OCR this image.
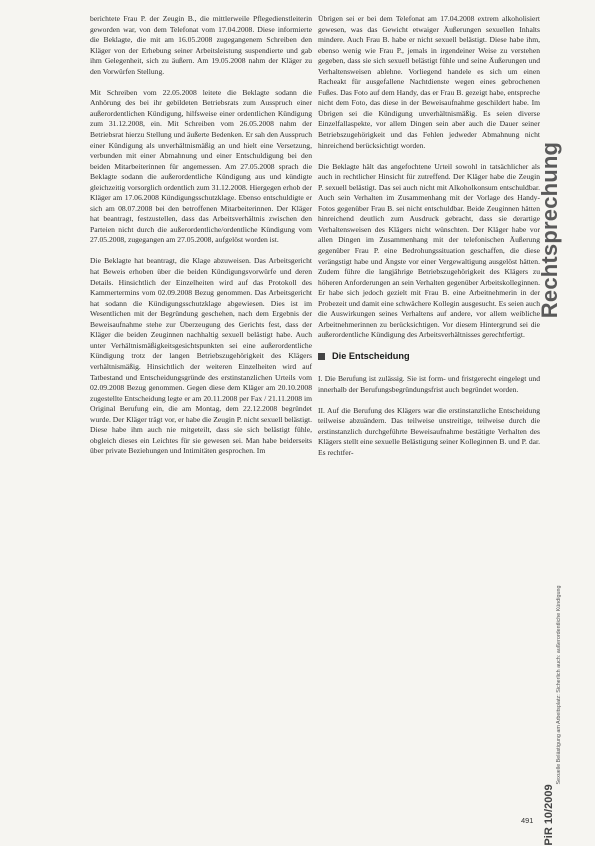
berichtete Frau P. der Zeugin B., die mittlerweile Pflegedienstleiterin geworden war, von dem Telefonat vom 17.04.2008. Diese informierte die Beklagte, die mit am 16.05.2008 zugegangenem Schreiben den Kläger von der Erhebung seiner Arbeitsleistung suspendierte und gab ihm Gelegenheit, sich zu äußern. Am 19.05.2008 nahm der Kläger zu den Vorwürfen Stellung.

Mit Schreiben vom 22.05.2008 leitete die Beklagte sodann die Anhörung des bei ihr gebildeten Betriebsrats zum Ausspruch einer außerordentlichen Kündigung, hilfsweise einer ordentlichen Kündigung zum 31.12.2008, ein. Mit Schreiben vom 26.05.2008 nahm der Betriebsrat hierzu Stellung und äußerte Bedenken. Er sah den Ausspruch einer Kündigung als unverhältnismäßig an und hielt eine Versetzung, verbunden mit einer Abmahnung und einer Entschuldigung bei den beiden Mitarbeiterinnen für angemessen. Am 27.05.2008 sprach die Beklagte sodann die außerordentliche Kündigung aus und kündigte gleichzeitig vorsorglich ordentlich zum 31.12.2008. Hiergegen erhob der Kläger am 17.06.2008 Kündigungsschutzklage. Ebenso entschuldigte er sich am 08.07.2008 bei den betroffenen Mitarbeiterinnen. Der Kläger hat beantragt, festzustellen, dass das Arbeitsverhältnis zwischen den Parteien nicht durch die außerordentliche/ordentliche Kündigung vom 27.05.2008, zugegangen am 27.05.2008, aufgelöst worden ist.

Die Beklagte hat beantragt, die Klage abzuweisen. Das Arbeitsgericht hat Beweis erhoben über die beiden Kündigungsvorwürfe und deren Details. Hinsichtlich der Einzelheiten wird auf das Protokoll des Kammertermins vom 02.09.2008 Bezug genommen. Das Arbeitsgericht hat sodann die Kündigungsschutzklage abgewiesen. Dies ist im Wesentlichen mit der Begründung geschehen, nach dem Ergebnis der Beweisaufnahme stehe zur Überzeugung des Gerichts fest, dass der Kläger die beiden Zeuginnen nachhaltig sexuell belästigt habe. Auch unter Verhältnismäßigkeitsgesichtspunkten sei eine außerordentliche Kündigung trotz der langen Betriebszugehörigkeit des Klägers verhältnismäßig. Hinsichtlich der weiteren Einzelheiten wird auf Tatbestand und Entscheidungsgründe des erstinstanzlichen Urteils vom 02.09.2008 Bezug genommen. Gegen diese dem Kläger am 20.10.2008 zugestellte Entscheidung legte er am 20.11.2008 per Fax / 21.11.2008 im Original Berufung ein, die am Montag, dem 22.12.2008 begründet wurde. Der Kläger trägt vor, er habe die Zeugin P. nicht sexuell belästigt. Diese habe ihm auch nie mitgeteilt, dass sie sich belästigt fühle, obgleich dieses ein Leichtes für sie gewesen sei. Man habe beiderseits über private Beziehungen und Intimitäten gesprochen. Im

Übrigen sei er bei dem Telefonat am 17.04.2008 extrem alkoholisiert gewesen, was das Gewicht etwaiger Äußerungen sexuellen Inhalts mindere. Auch Frau B. habe er nicht sexuell belästigt. Diese habe ihm, ebenso wenig wie Frau P., jemals in irgendeiner Weise zu verstehen gegeben, dass sie sich sexuell belästigt fühle und seine Äußerungen und Verhaltensweisen ablehne. Vorliegend handele es sich um einen Racheakt für ausgefallene Nachtdienste wegen eines gebrochenen Fußes. Das Foto auf dem Handy, das er Frau B. gezeigt habe, entspreche nicht dem Foto, das diese in der Beweisaufnahme geschildert habe. Im Übrigen sei die Kündigung unverhältnismäßig. Es seien diverse Einzelfallaspekte, vor allem Dingen sein aber auch die Dauer seiner Betriebszugehörigkeit und das Fehlen jedweder Abmahnung nicht hinreichend berücksichtigt worden.

Die Beklagte hält das angefochtene Urteil sowohl in tatsächlicher als auch in rechtlicher Hinsicht für zutreffend. Der Kläger habe die Zeugin P. sexuell belästigt. Das sei auch nicht mit Alkoholkonsum entschuldbar. Auch sein Verhalten im Zusammenhang mit der Vorlage des Handy-Fotos gegenüber Frau B. sei nicht entschuldbar. Beide Zeuginnen hätten hinreichend deutlich zum Ausdruck gebracht, dass sie derartige Verhaltensweisen des Klägers nicht wünschten. Der Kläger habe vor allen Dingen im Zusammenhang mit der telefonischen Äußerung gegenüber Frau P. eine Bedrohungssituation geschaffen, die diese verängstigt habe und Ängste vor einer Vergewaltigung ausgelöst hätten. Zudem führe die langjährige Betriebszugehörigkeit des Klägers zu höheren Anforderungen an sein Verhalten gegenüber Arbeitskolleginnen. Er habe sich jedoch gezielt mit Frau B. eine Arbeitnehmerin in der Probezeit und damit eine schwächere Kollegin ausgesucht. Es seien auch die Auswirkungen seines Verhaltens auf andere, vor allem weibliche Arbeitnehmerinnen zu berücksichtigen. Vor diesem Hintergrund sei die außerordentliche Kündigung des Arbeitsverhältnisses gerechtfertigt.

Die Entscheidung

I. Die Berufung ist zulässig. Sie ist form- und fristgerecht eingelegt und innerhalb der Berufungsbegründungsfrist auch begründet worden.

II. Auf die Berufung des Klägers war die erstinstanzliche Entscheidung teilweise abzuändern. Das teilweise unstreitige, teilweise durch die erstinstanzlich durchgeführte Beweisaufnahme bestätigte Verhalten des Klägers stellt eine sexuelle Belästigung seiner Kolleginnen B. und P. dar. Es rechtfer-

Rechtsprechung
Sexuelle Belästigung am Arbeitsplatz: Sicherlich auch: außerordentliche Kündigung
PiR 10/2009
491
